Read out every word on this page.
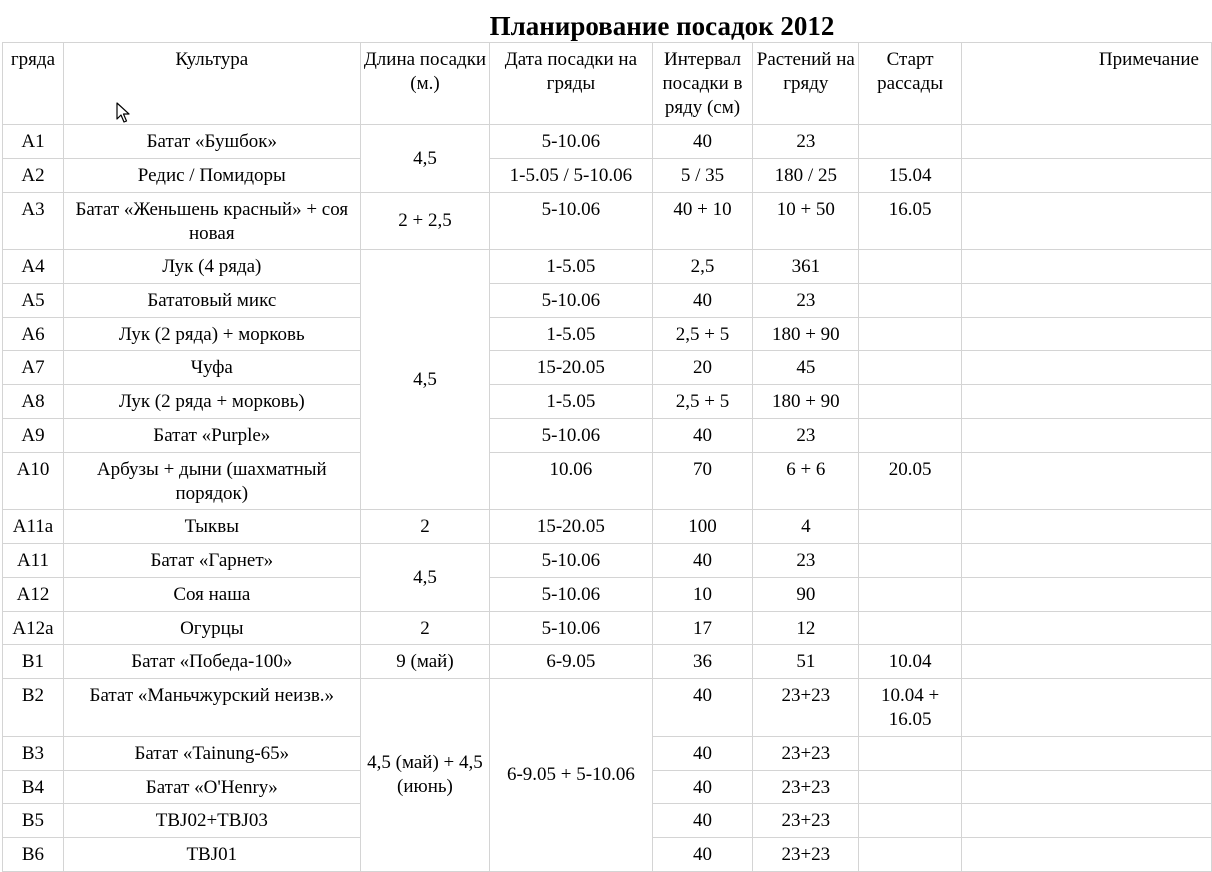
Планирование посадок 2012
гряда	Культура	Длина посадки (м.)	Дата посадки на гряды	Интервал посадки в ряду (см)	Растений на гряду	Старт рассады	Примечание
A1	Батат «Бушбок»	4,5	5-10.06	40	23		
A2	Редис / Помидоры		1-5.05 / 5-10.06	5 / 35	180 / 25	15.04	
A3	Батат «Женьшень красный» + соя новая	2 + 2,5	5-10.06	40 + 10	10 + 50	16.05	
A4	Лук (4 ряда)	4,5	1-5.05	2,5	361		
A5	Бататовый микс		5-10.06	40	23		
A6	Лук (2 ряда) + морковь		1-5.05	2,5 + 5	180 + 90		
A7	Чуфа		15-20.05	20	45		
A8	Лук (2 ряда + морковь)		1-5.05	2,5 + 5	180 + 90		
A9	Батат «Purple»		5-10.06	40	23		
A10	Арбузы + дыни (шахматный порядок)		10.06	70	6 + 6	20.05	
A11a	Тыквы	2	15-20.05	100	4		
A11	Батат «Гарнет»	4,5	5-10.06	40	23		
A12	Соя наша		5-10.06	10	90		
A12a	Огурцы	2	5-10.06	17	12		
B1	Батат «Победа-100»	9 (май)	6-9.05	36	51	10.04	
B2	Батат «Маньчжурский неизв.»	4,5 (май) + 4,5 (июнь)	6-9.05 + 5-10.06	40	23+23	10.04 + 16.05	
B3	Батат «Tainung-65»			40	23+23		
B4	Батат «O'Henry»			40	23+23		
B5	TBJ02+TBJ03			40	23+23		
B6	TBJ01			40	23+23		
